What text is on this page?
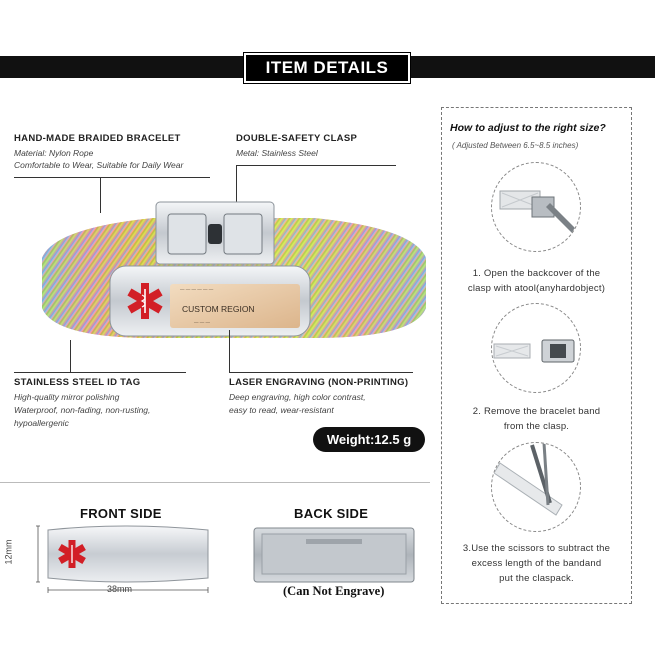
ITEM DETAILS
HAND-MADE BRAIDED BRACELET
Material: Nylon Rope
Comfortable to Wear, Suitable for Daily Wear
DOUBLE-SAFETY CLASP
Metal: Stainless Steel
— — — — — —
CUSTOM REGION
— — —
STAINLESS STEEL ID TAG
High-quality mirror polishing
Waterproof, non-fading, non-rusting,
hypoallergenic
LASER ENGRAVING (NON-PRINTING)
Deep engraving, high color contrast,
easy to read, wear-resistant
Weight:12.5 g
FRONT SIDE	BACK SIDE
12mm
38mm	(Can Not Engrave)
How to adjust to the right size?
( Adjusted Between 6.5~8.5 inches)
1. Open the backcover of the
clasp with atool(anyhardobject)
2. Remove the bracelet band
from the clasp.
3.Use the scissors to subtract the
excess length of the bandand
put the claspack.
